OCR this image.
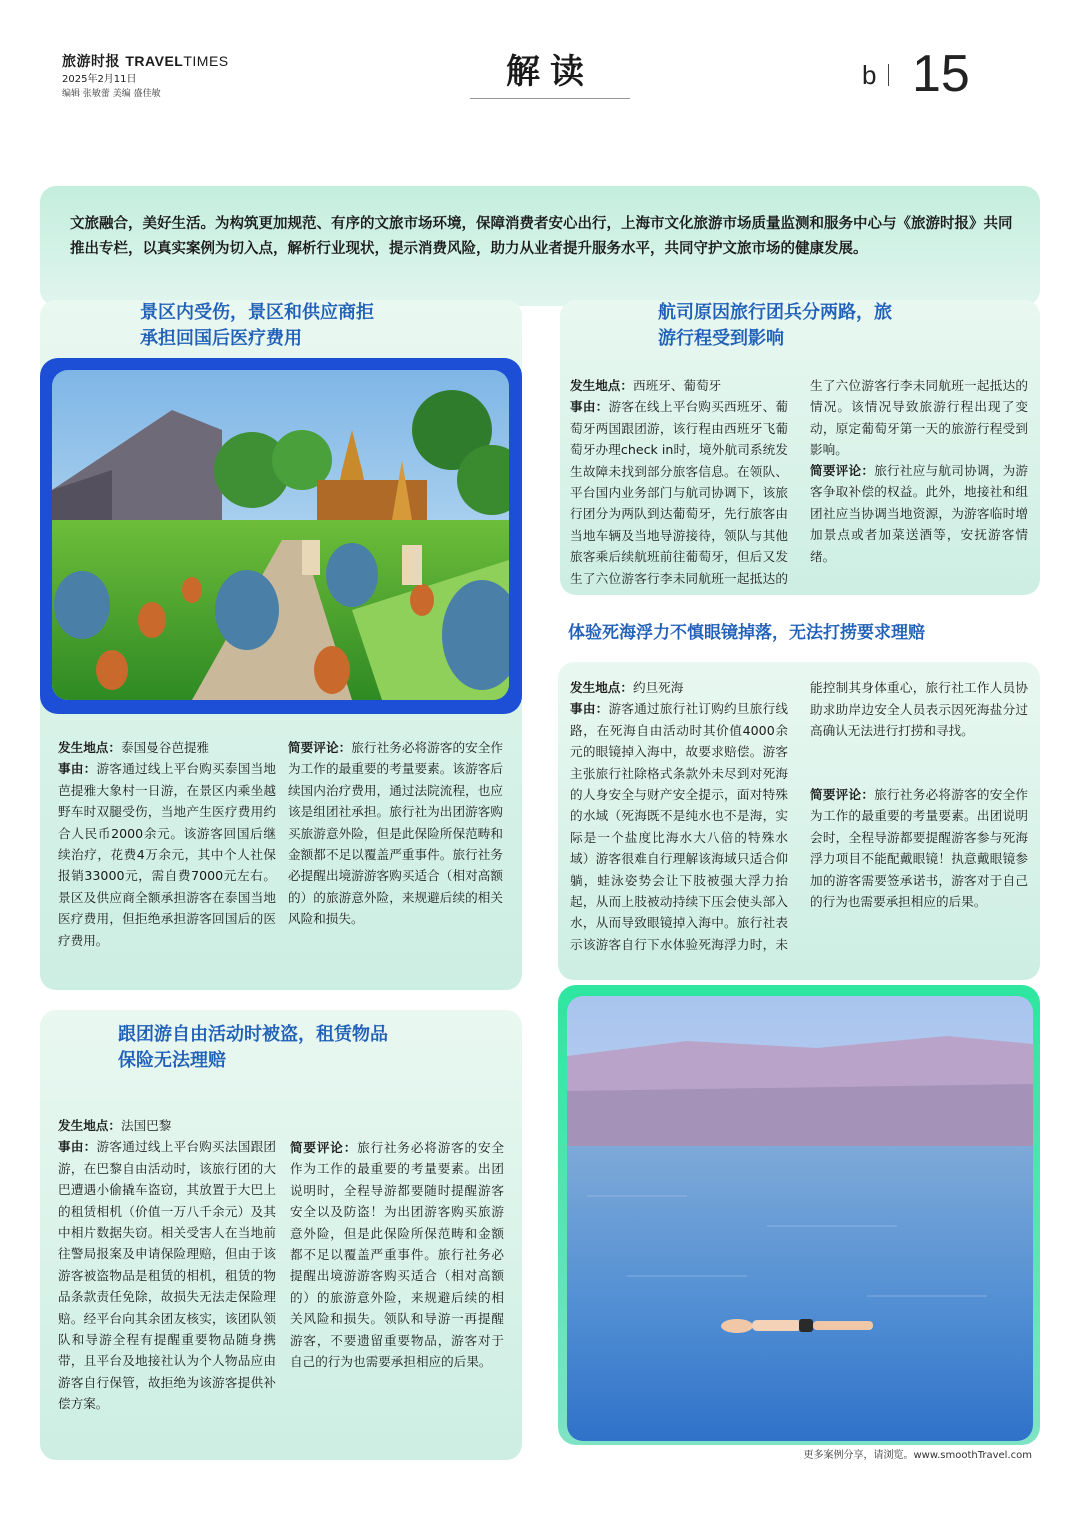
旅游时报 TRAVELTIMES
2025年2月11日
编辑 张敏蕾 美编 盛佳敏
解读	b 15
文旅融合，美好生活。为构筑更加规范、有序的文旅市场环境，保障消费者安心出行，上海市文化旅游市场质量监测和服务中心与《旅游时报》共同推出专栏，以真实案例为切入点，解析行业现状，提示消费风险，助力从业者提升服务水平，共同守护文旅市场的健康发展。
景区内受伤，景区和供应商拒
承担回国后医疗费用
航司原因旅行团兵分两路，旅
游行程受到影响
体验死海浮力不慎眼镜掉落，无法打捞要求理赔
跟团游自由活动时被盗，租赁物品
保险无法理赔
发生地点：泰国曼谷芭提雅
事由：游客通过线上平台购买泰国当地芭提雅大象村一日游，在景区内乘坐越野车时双腿受伤，当地产生医疗费用约合人民币2000余元。该游客回国后继续治疗，花费4万余元，其中个人社保报销33000元，需自费7000元左右。景区及供应商全额承担游客在泰国当地医疗费用，但拒绝承担游客回国后的医疗费用。
简要评论：旅行社务必将游客的安全作为工作的最重要的考量要素。该游客后续国内治疗费用，通过法院流程，也应该是组团社承担。旅行社为出团游客购买旅游意外险，但是此保险所保范畴和金额都不足以覆盖严重事件。旅行社务必提醒出境游游客购买适合（相对高额的）的旅游意外险，来规避后续的相关风险和损失。
发生地点：西班牙、葡萄牙
事由：游客在线上平台购买西班牙、葡萄牙两国跟团游，该行程由西班牙飞葡萄牙办理check in时，境外航司系统发生故障未找到部分旅客信息。在领队、平台国内业务部门与航司协调下，该旅行团分为两队到达葡萄牙，先行旅客由当地车辆及当地导游接待，领队与其他旅客乘后续航班前往葡萄牙，但后又发生了六位游客行李未同航班一起抵达的

生了六位游客行李未同航班一起抵达的情况。该情况导致旅游行程出现了变动，原定葡萄牙第一天的旅游行程受到影响。
简要评论：旅行社应与航司协调，为游客争取补偿的权益。此外，地接社和组团社应当协调当地资源，为游客临时增加景点或者加菜送酒等，安抚游客情绪。
发生地点：约旦死海
事由：游客通过旅行社订购约旦旅行线路，在死海自由活动时其价值4000余元的眼镜掉入海中，故要求赔偿。游客主张旅行社除格式条款外未尽到对死海的人身安全与财产安全提示，面对特殊的水域（死海既不是纯水也不是海，实际是一个盐度比海水大八倍的特殊水域）游客很难自行理解该海域只适合仰躺，蛙泳姿势会让下肢被强大浮力抬起，从而上肢被动持续下压会使头部入水，从而导致眼镜掉入海中。旅行社表示该游客自行下水体验死海浮力时，未

能控制其身体重心，旅行社工作人员协助求助岸边安全人员表示因死海盐分过高确认无法进行打捞和寻找。
简要评论：旅行社务必将游客的安全作为工作的最重要的考量要素。出团说明会时，全程导游都要提醒游客参与死海浮力项目不能配戴眼镜！执意戴眼镜参加的游客需要签承诺书，游客对于自己的行为也需要承担相应的后果。
发生地点：法国巴黎
事由：游客通过线上平台购买法国跟团游，在巴黎自由活动时，该旅行团的大巴遭遇小偷撬车盗窃，其放置于大巴上的租赁相机（价值一万八千余元）及其中相片数据失窃。相关受害人在当地前往警局报案及申请保险理赔，但由于该游客被盗物品是租赁的相机，租赁的物品条款责任免除，故损失无法走保险理赔。经平台向其余团友核实，该团队领队和导游全程有提醒重要物品随身携带，且平台及地接社认为个人物品应由游客自行保管，故拒绝为该游客提供补偿方案。

简要评论：旅行社务必将游客的安全作为工作的最重要的考量要素。出团说明时，全程导游都要随时提醒游客安全以及防盗！为出团游客购买旅游意外险，但是此保险所保范畴和金额都不足以覆盖严重事件。旅行社务必提醒出境游游客购买适合（相对高额的）的旅游意外险，来规避后续的相关风险和损失。领队和导游一再提醒游客，不要遗留重要物品，游客对于自己的行为也需要承担相应的后果。
更多案例分享，请浏览。www.smoothTravel.com
